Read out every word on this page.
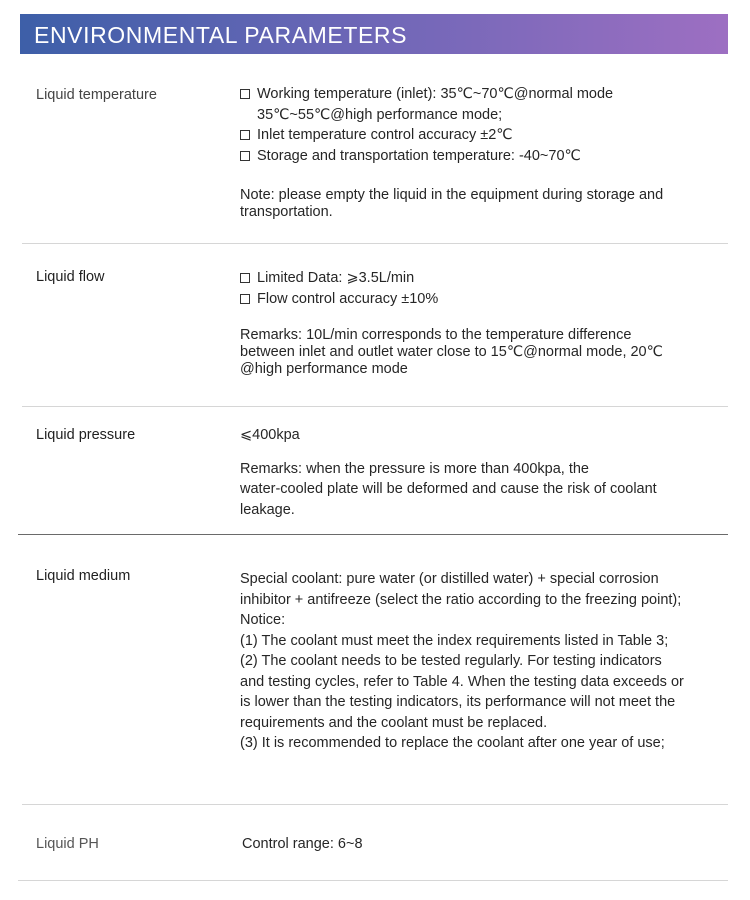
ENVIRONMENTAL PARAMETERS
Liquid temperature	Working temperature (inlet): 35℃~70℃@normal mode
35℃~55℃@high performance mode;
Inlet temperature control accuracy ±2℃
Storage and transportation temperature: -40~70℃
Note: please empty the liquid in the equipment during storage and
transportation.
Liquid flow	Limited Data: ⩾3.5L/min
Flow control accuracy ±10%
Remarks: 10L/min corresponds to the temperature difference
between inlet and outlet water close to 15℃@normal mode, 20℃
@high performance mode
Liquid pressure	⩽400kpa
Remarks: when the pressure is more than 400kpa, the
water-cooled plate will be deformed and cause the risk of coolant
leakage.
Liquid medium	Special coolant: pure water (or distilled water) + special corrosion
inhibitor + antifreeze (select the ratio according to the freezing point);
Notice:
(1) The coolant must meet the index requirements listed in Table 3;
(2) The coolant needs to be tested regularly. For testing indicators
and testing cycles, refer to Table 4. When the testing data exceeds or
is lower than the testing indicators, its performance will not meet the
requirements and the coolant must be replaced.
(3) It is recommended to replace the coolant after one year of use;
Liquid PH	Control range: 6~8
